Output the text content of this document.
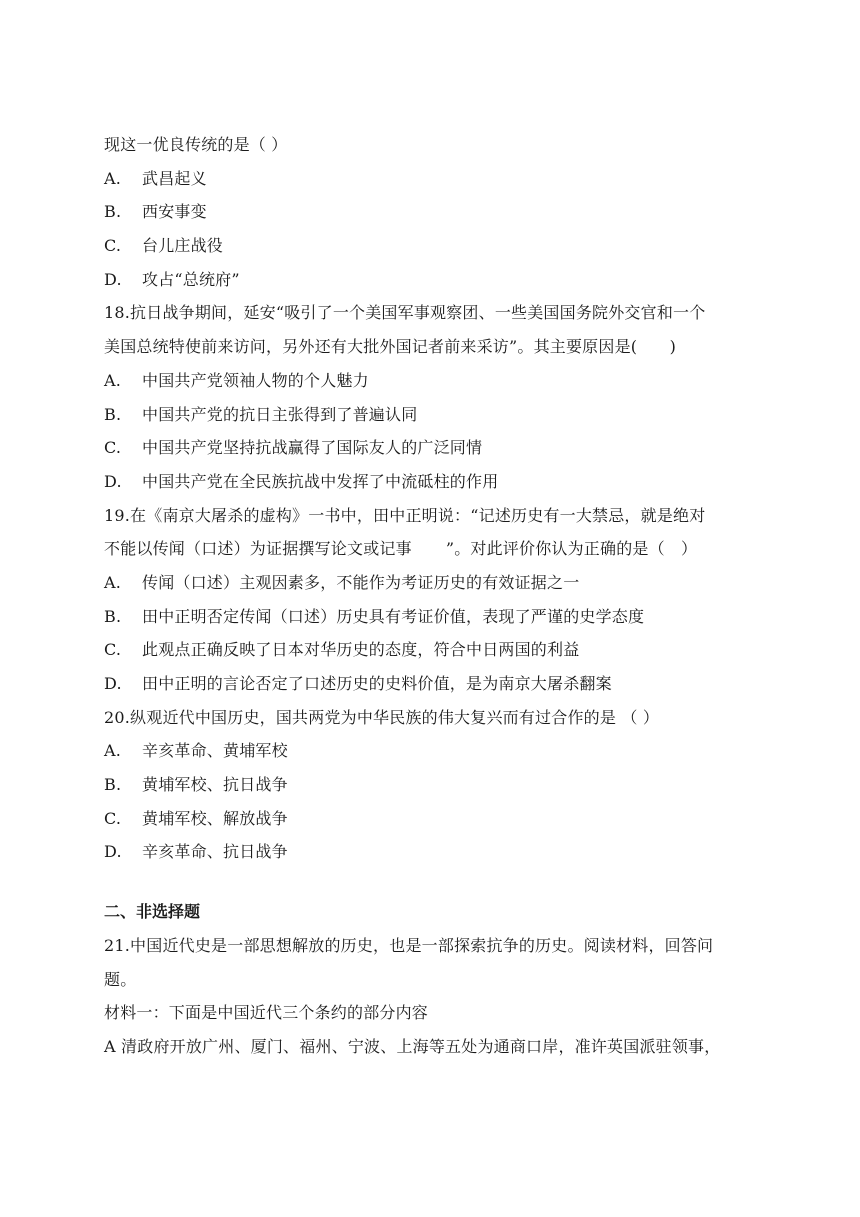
现这一优良传统的是（ ）
A.	武昌起义
B.	西安事变
C.	台儿庄战役
D.	攻占“总统府”
18.抗日战争期间，延安“吸引了一个美国军事观察团、一些美国国务院外交官和一个
美国总统特使前来访问，另外还有大批外国记者前来采访”。其主要原因是(　　)
A.	中国共产党领袖人物的个人魅力
B.	中国共产党的抗日主张得到了普遍认同
C.	中国共产党坚持抗战赢得了国际友人的广泛同情
D.	中国共产党在全民族抗战中发挥了中流砥柱的作用
19.在《南京大屠杀的虚构》一书中，田中正明说：“记述历史有一大禁忌，就是绝对
不能以传闻（口述）为证据撰写论文或记事 ”。对此评价你认为正确的是（　）
A.	传闻（口述）主观因素多，不能作为考证历史的有效证据之一
B.	田中正明否定传闻（口述）历史具有考证价值，表现了严谨的史学态度
C.	此观点正确反映了日本对华历史的态度，符合中日两国的利益
D.	田中正明的言论否定了口述历史的史料价值，是为南京大屠杀翻案
20.纵观近代中国历史，国共两党为中华民族的伟大复兴而有过合作的是 （ ）
A.	辛亥革命、黄埔军校
B.	黄埔军校、抗日战争
C.	黄埔军校、解放战争
D.	辛亥革命、抗日战争
二、非选择题
21.中国近代史是一部思想解放的历史，也是一部探索抗争的历史。阅读材料，回答问
题。
材料一：下面是中国近代三个条约的部分内容
A 清政府开放广州、厦门、福州、宁波、上海等五处为通商口岸，准许英国派驻领事，
